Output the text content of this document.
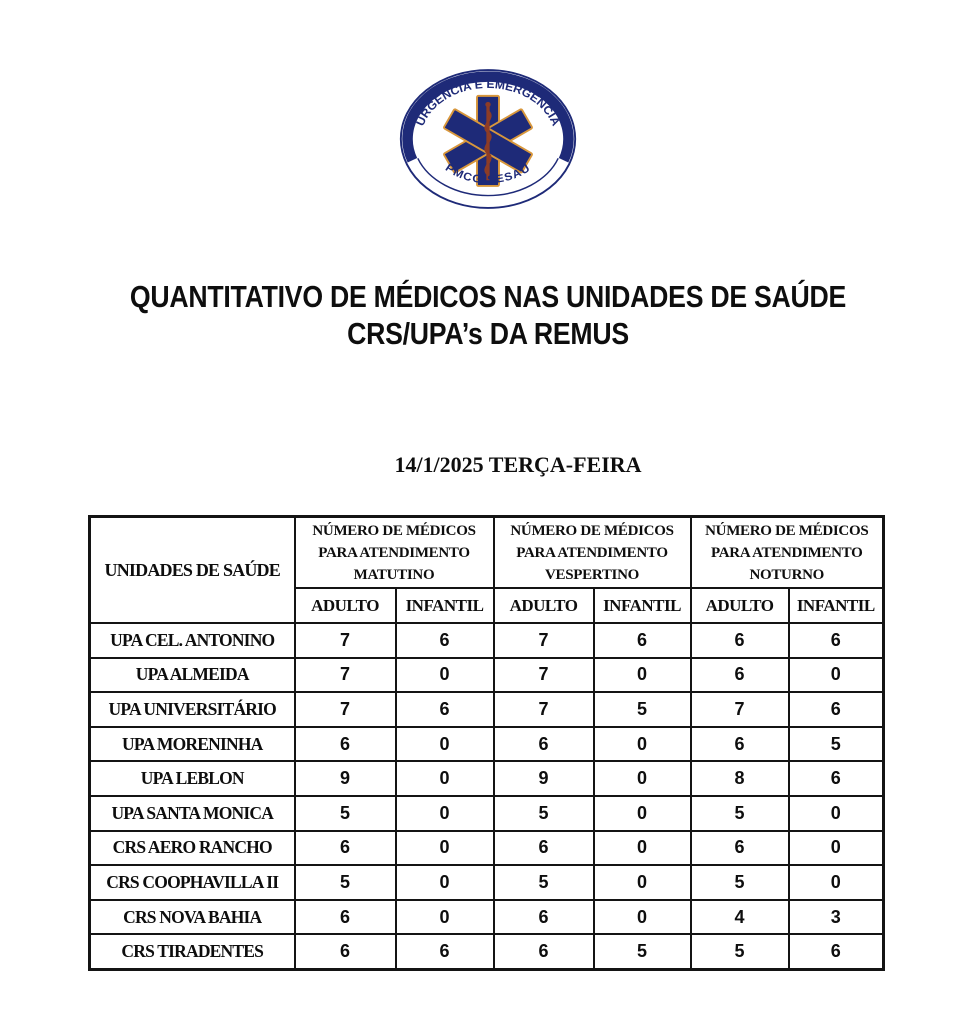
URGÊNCIA E EMERGÊNCIA
PMCG-SESAU
QUANTITATIVO DE MÉDICOS NAS UNIDADES DE SAÚDE
CRS/UPA’s DA REMUS
14/1/2025 TERÇA-FEIRA
UNIDADES DE SAÚDE	NÚMERO DE MÉDICOS
PARA ATENDIMENTO
MATUTINO		NÚMERO DE MÉDICOS
PARA ATENDIMENTO
VESPERTINO		NÚMERO DE MÉDICOS
PARA ATENDIMENTO
NOTURNO	

	ADULTO	INFANTIL	ADULTO	INFANTIL	ADULTO	INFANTIL
UPA CEL. ANTONINO	7	6	7	6	6	6
UPA ALMEIDA	7	0	7	0	6	0
UPA UNIVERSITÁRIO	7	6	7	5	7	6
UPA MORENINHA	6	0	6	0	6	5
UPA LEBLON	9	0	9	0	8	6
UPA SANTA MONICA	5	0	5	0	5	0
CRS AERO RANCHO	6	0	6	0	6	0
CRS COOPHAVILLA II	5	0	5	0	5	0
CRS NOVA BAHIA	6	0	6	0	4	3
CRS TIRADENTES	6	6	6	5	5	6
